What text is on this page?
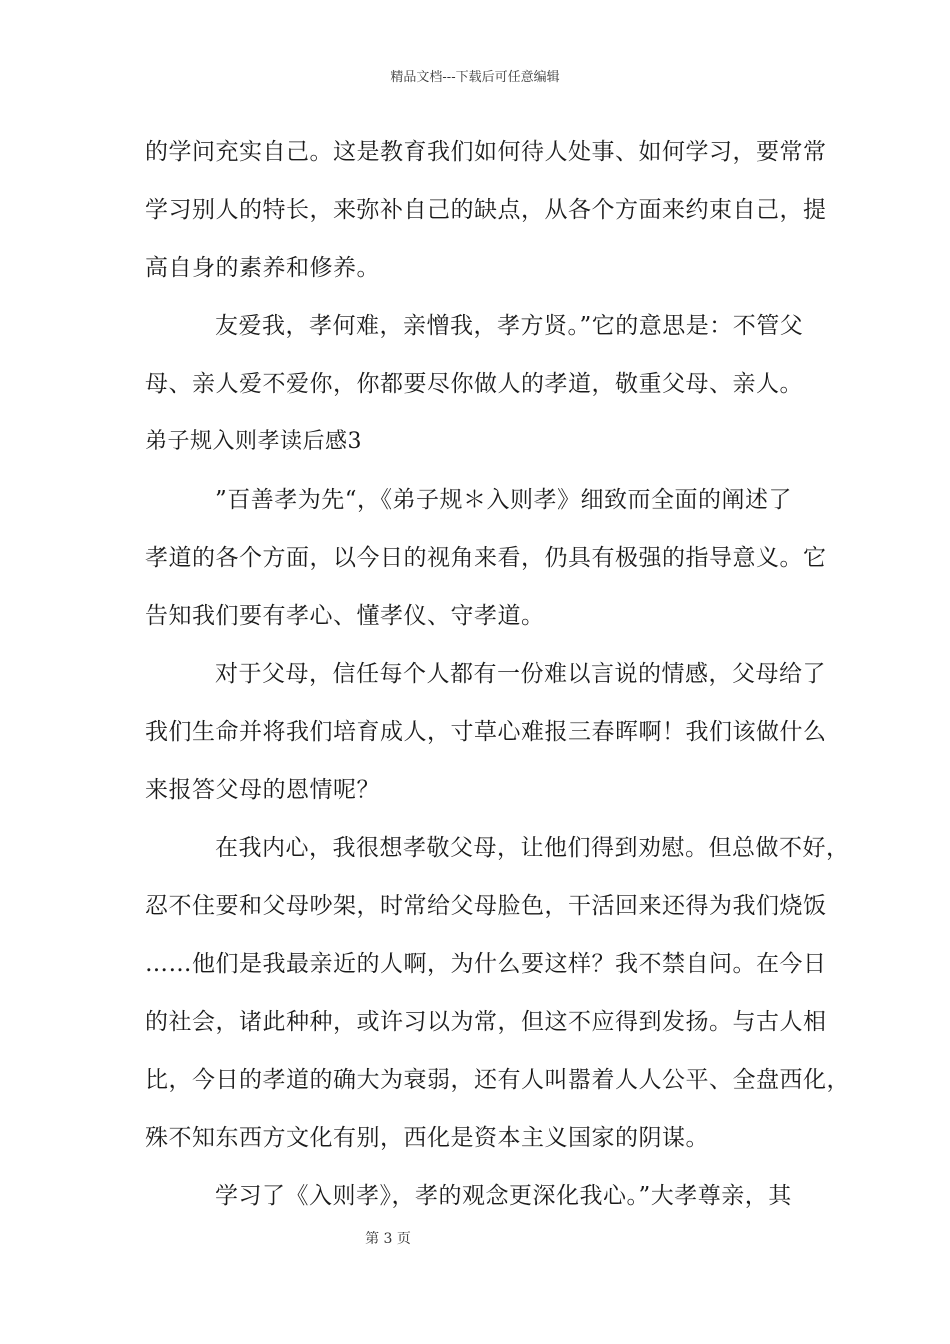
精品文档---下载后可任意编辑
的学问充实自己。这是教育我们如何待人处事、如何学习，要常常
学习别人的特长，来弥补自己的缺点，从各个方面来约束自己，提
高自身的素养和修养。
友爱我，孝何难，亲憎我，孝方贤。”它的意思是：不管父
母、亲人爱不爱你，你都要尽你做人的孝道，敬重父母、亲人。
弟子规入则孝读后感3
”百善孝为先“，《弟子规＊入则孝》细致而全面的阐述了
孝道的各个方面，以今日的视角来看，仍具有极强的指导意义。它
告知我们要有孝心、懂孝仪、守孝道。
对于父母，信任每个人都有一份难以言说的情感，父母给了
我们生命并将我们培育成人，寸草心难报三春晖啊！我们该做什么
来报答父母的恩情呢？
在我内心，我很想孝敬父母，让他们得到劝慰。但总做不好，
忍不住要和父母吵架，时常给父母脸色，干活回来还得为我们烧饭
……他们是我最亲近的人啊，为什么要这样？我不禁自问。在今日
的社会，诸此种种，或许习以为常，但这不应得到发扬。与古人相
比，今日的孝道的确大为衰弱，还有人叫嚣着人人公平、全盘西化，
殊不知东西方文化有别，西化是资本主义国家的阴谋。
学习了《入则孝》，孝的观念更深化我心。”大孝尊亲，其
第 3 页
